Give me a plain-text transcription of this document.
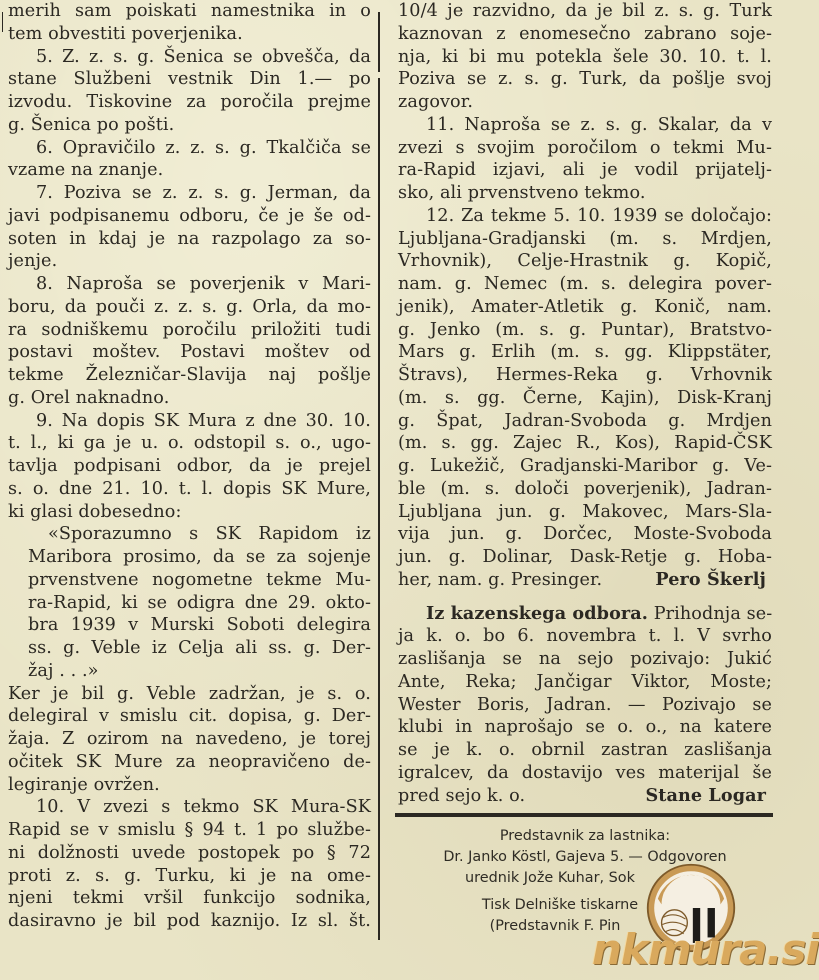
merih sam poiskati namestnika in o
tem obvestiti poverjenika.
5. Z. z. s. g. Šenica se obvešča, da
stane Službeni vestnik Din 1.— po
izvodu. Tiskovine za poročila prejme
g. Šenica po pošti.
6. Opravičilo z. z. s. g. Tkalčiča se
vzame na znanje.
7. Poziva se z. z. s. g. Jerman, da
javi podpisanemu odboru, če je še od-
soten in kdaj je na razpolago za so-
jenje.
8. Naproša se poverjenik v Mari-
boru, da pouči z. z. s. g. Orla, da mo-
ra sodniškemu poročilu priložiti tudi
postavi moštev. Postavi moštev od
tekme Železničar-Slavija naj pošlje
g. Orel naknadno.
9. Na dopis SK Mura z dne 30. 10.
t. l., ki ga je u. o. odstopil s. o., ugo-
tavlja podpisani odbor, da je prejel
s. o. dne 21. 10. t. l. dopis SK Mure,
ki glasi dobesedno:
«Sporazumno s SK Rapidom iz
Maribora prosimo, da se za sojenje
prvenstvene nogometne tekme Mu-
ra-Rapid, ki se odigra dne 29. okto-
bra 1939 v Murski Soboti delegira
ss. g. Veble iz Celja ali ss. g. Der-
žaj . . .»
Ker je bil g. Veble zadržan, je s. o.
delegiral v smislu cit. dopisa, g. Der-
žaja. Z ozirom na navedeno, je torej
očitek SK Mure za neopravičeno de-
legiranje ovržen.
10. V zvezi s tekmo SK Mura-SK
Rapid se v smislu § 94 t. 1 po službe-
ni dolžnosti uvede postopek po § 72
proti z. s. g. Turku, ki je na ome-
njeni tekmi vršil funkcijo sodnika,
dasiravno je bil pod kaznijo. Iz sl. št.
10/4 je razvidno, da je bil z. s. g. Turk
kaznovan z enomesečno zabrano soje-
nja, ki bi mu potekla šele 30. 10. t. l.
Poziva se z. s. g. Turk, da pošlje svoj
zagovor.
11. Naproša se z. s. g. Skalar, da v
zvezi s svojim poročilom o tekmi Mu-
ra-Rapid izjavi, ali je vodil prijatelj-
sko, ali prvenstveno tekmo.
12. Za tekme 5. 10. 1939 se določajo:
Ljubljana-Gradjanski (m. s. Mrdjen,
Vrhovnik), Celje-Hrastnik g. Kopič,
nam. g. Nemec (m. s. delegira pover-
jenik), Amater-Atletik g. Konič, nam.
g. Jenko (m. s. g. Puntar), Bratstvo-
Mars g. Erlih (m. s. gg. Klippstäter,
Štravs), Hermes-Reka g. Vrhovnik
(m. s. gg. Černe, Kajin), Disk-Kranj
g. Špat, Jadran-Svoboda g. Mrdjen
(m. s. gg. Zajec R., Kos), Rapid-ČSK
g. Lukežič, Gradjanski-Maribor g. Ve-
ble (m. s. določi poverjenik), Jadran-
Ljubljana jun. g. Makovec, Mars-Sla-
vija jun. g. Dorčec, Moste-Svoboda
jun. g. Dolinar, Dask-Retje g. Hoba-
her, nam. g. Presinger.	Pero Škerlj
Iz kazenskega odbora. Prihodnja se-
ja k. o. bo 6. novembra t. l. V svrho
zaslišanja se na sejo pozivajo: Jukić
Ante, Reka; Jančigar Viktor, Moste;
Wester Boris, Jadran. — Pozivajo se
klubi in naprošajo se o. o., na katere
se je k. o. obrnil zastran zaslišanja
igralcev, da dostavijo ves materijal še
pred sejo k. o.	Stane Logar
Predstavnik za lastnika:
Dr. Janko Köstl, Gajeva 5. — Odgovoren
urednik Jože Kuhar, Sok
Tisk Delniške tiskarne
(Predstavnik F. Pin
1924
N.K.MURA
nkmura.si
